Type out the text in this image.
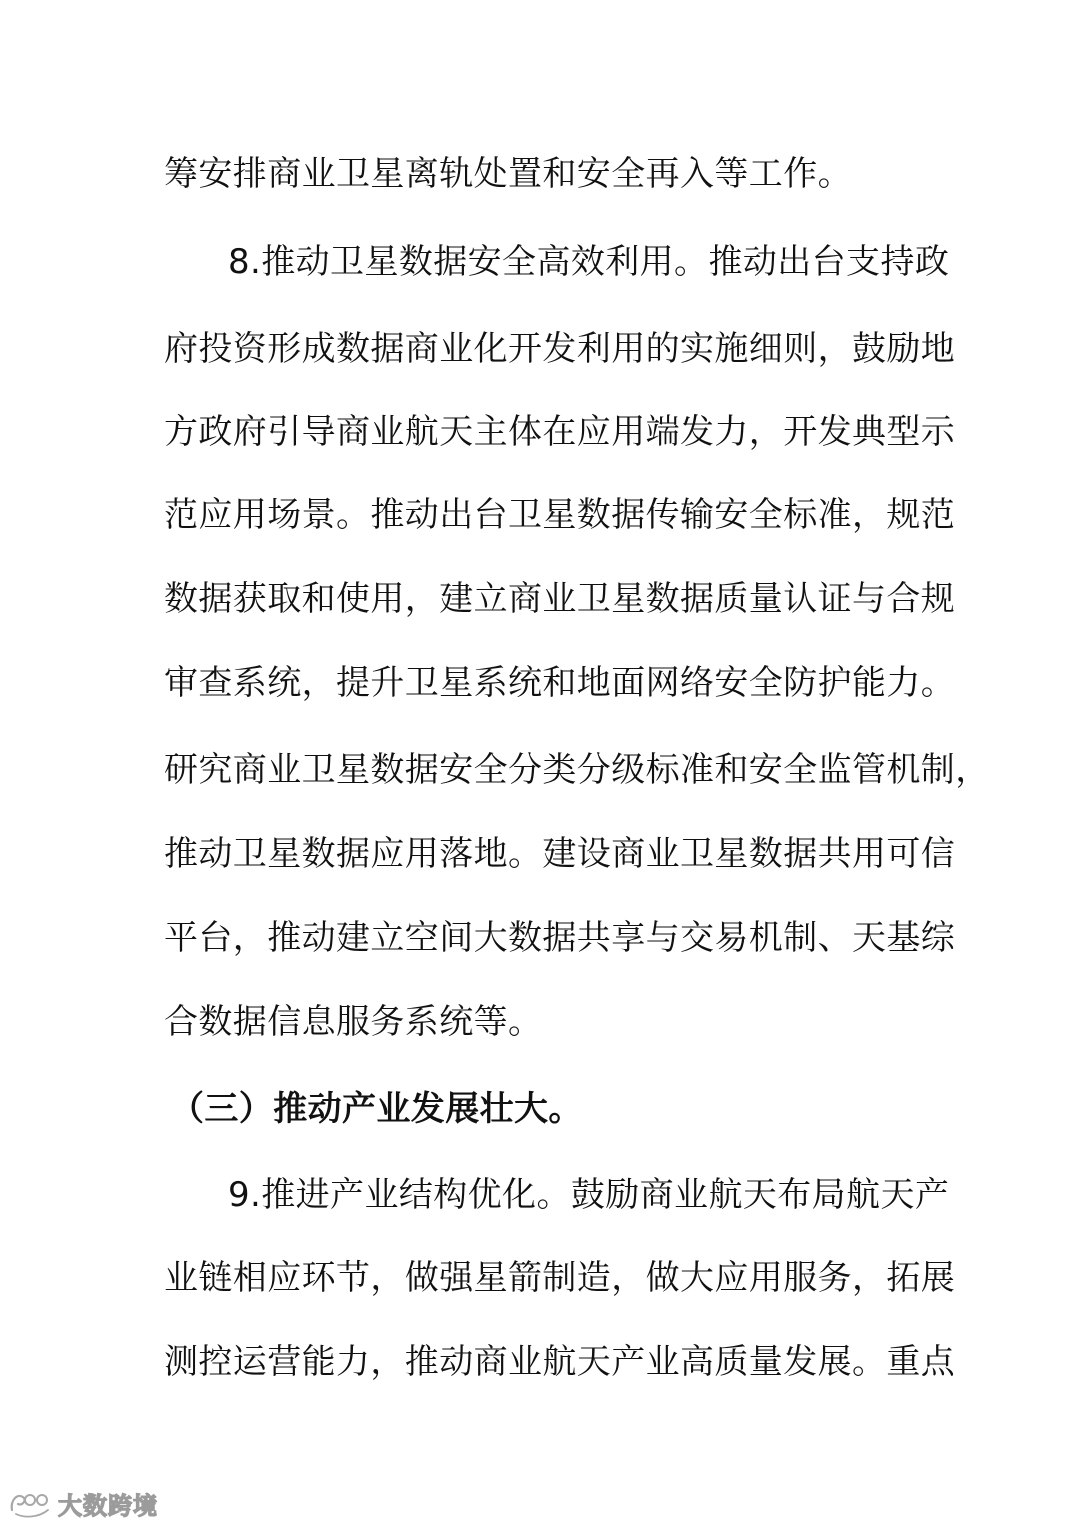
筹安排商业卫星离轨处置和安全再入等工作。
8.推动卫星数据安全高效利用。推动出台支持政
府投资形成数据商业化开发利用的实施细则，鼓励地
方政府引导商业航天主体在应用端发力，开发典型示
范应用场景。推动出台卫星数据传输安全标准，规范
数据获取和使用，建立商业卫星数据质量认证与合规
审查系统，提升卫星系统和地面网络安全防护能力。
研究商业卫星数据安全分类分级标准和安全监管机制，
推动卫星数据应用落地。建设商业卫星数据共用可信
平台，推动建立空间大数据共享与交易机制、天基综
合数据信息服务系统等。
（三）推动产业发展壮大。
9.推进产业结构优化。鼓励商业航天布局航天产
业链相应环节，做强星箭制造，做大应用服务，拓展
测控运营能力，推动商业航天产业高质量发展。重点
大数跨境
